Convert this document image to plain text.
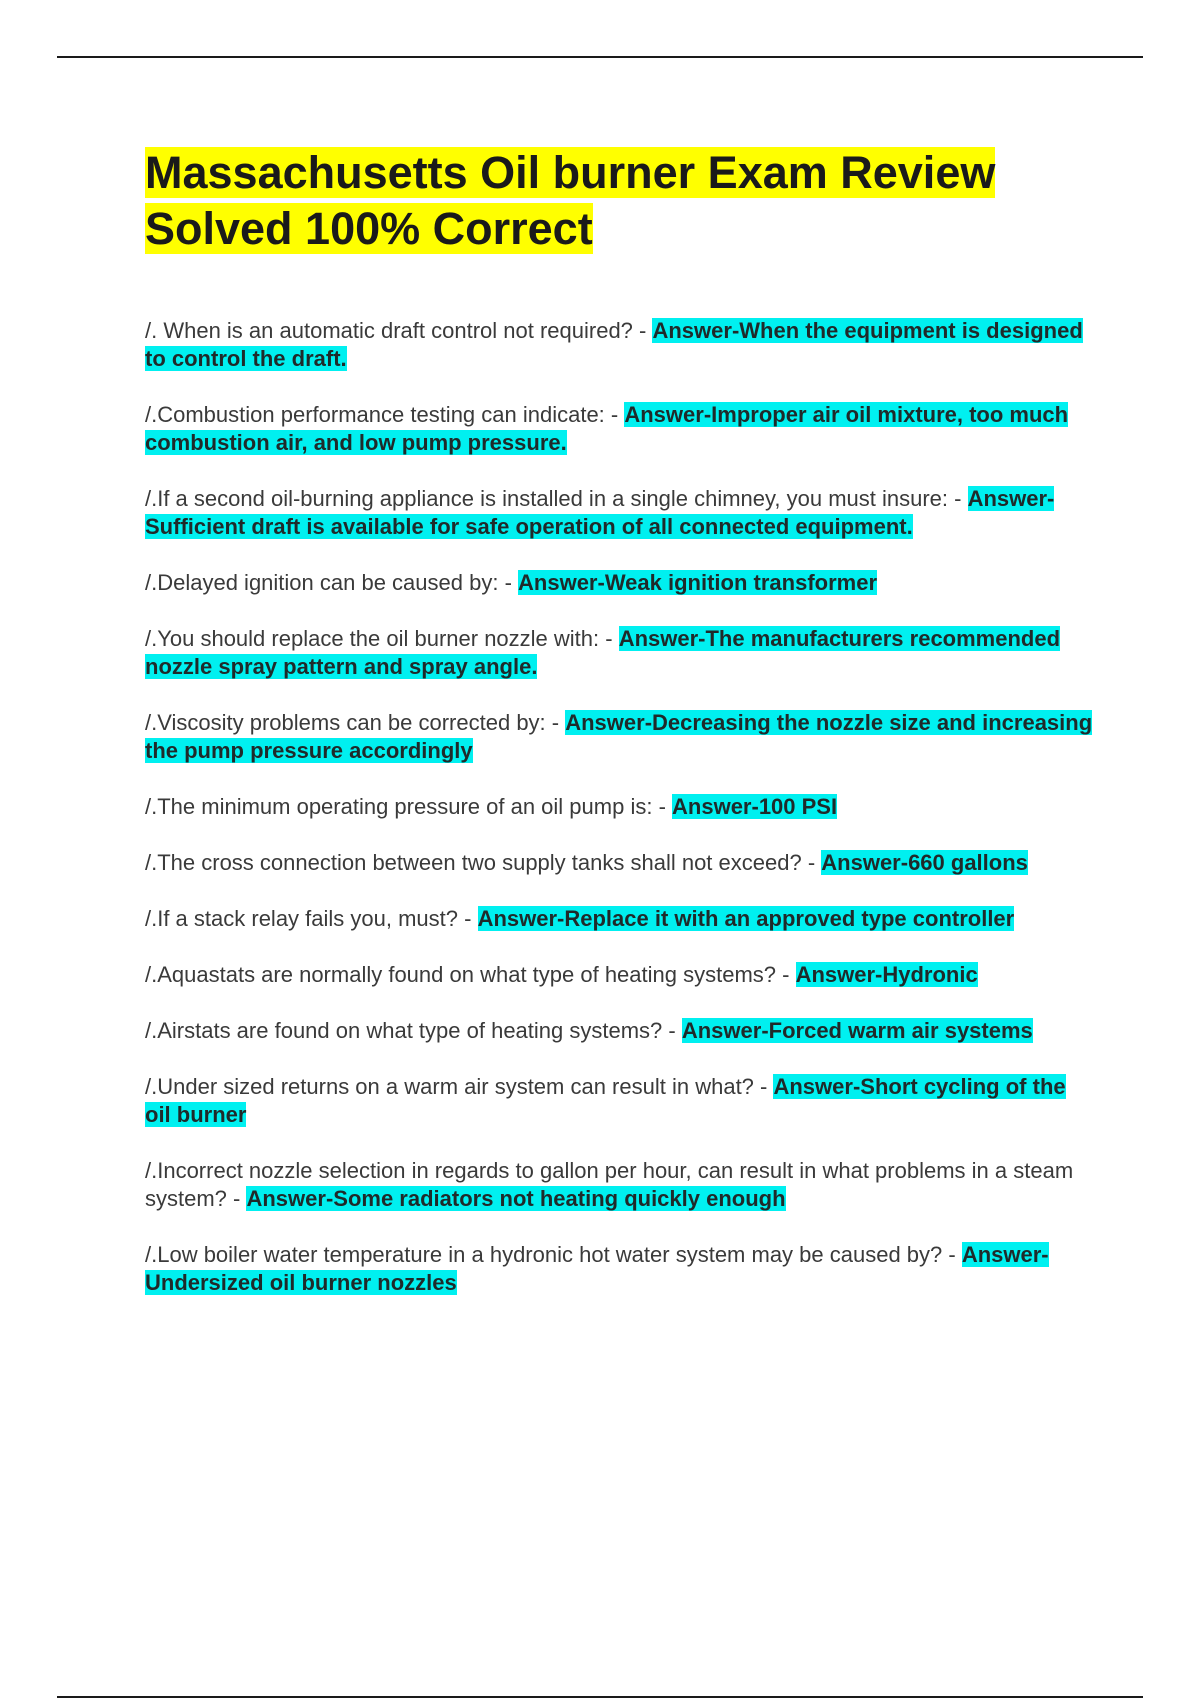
Massachusetts Oil burner Exam Review Solved 100% Correct
/. When is an automatic draft control not required? - Answer-When the equipment is designed to control the draft.
/.Combustion performance testing can indicate: - Answer-Improper air oil mixture, too much combustion air, and low pump pressure.
/.If a second oil-burning appliance is installed in a single chimney, you must insure: - Answer-Sufficient draft is available for safe operation of all connected equipment.
/.Delayed ignition can be caused by: - Answer-Weak ignition transformer
/.You should replace the oil burner nozzle with: - Answer-The manufacturers recommended nozzle spray pattern and spray angle.
/.Viscosity problems can be corrected by: - Answer-Decreasing the nozzle size and increasing the pump pressure accordingly
/.The minimum operating pressure of an oil pump is: - Answer-100 PSI
/.The cross connection between two supply tanks shall not exceed? - Answer-660 gallons
/.If a stack relay fails you, must? - Answer-Replace it with an approved type controller
/.Aquastats are normally found on what type of heating systems? - Answer-Hydronic
/.Airstats are found on what type of heating systems? - Answer-Forced warm air systems
/.Under sized returns on a warm air system can result in what? - Answer-Short cycling of the oil burner
/.Incorrect nozzle selection in regards to gallon per hour, can result in what problems in a steam system? - Answer-Some radiators not heating quickly enough
/.Low boiler water temperature in a hydronic hot water system may be caused by? - Answer-Undersized oil burner nozzles
